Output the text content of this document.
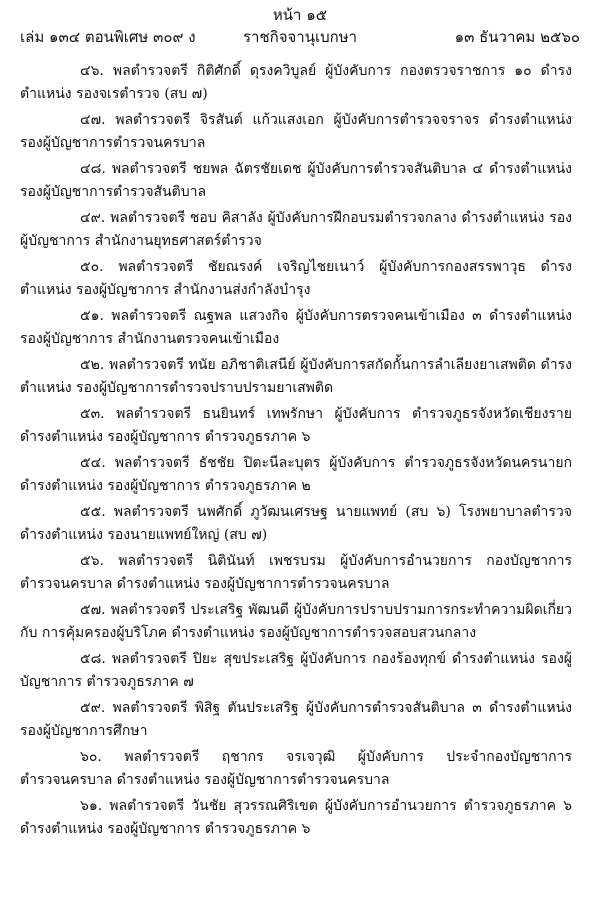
หน้า ๑๕
เล่ม ๑๓๔ ตอนพิเศษ ๓๐๙ ง	ราชกิจจานุเบกษา	๑๓ ธันวาคม ๒๕๖๐

๔๖. พลตำรวจตรี กิติศักดิ์ ดุรงควิบูลย์ ผู้บังคับการ กองตรวจราชการ ๑๐ ดำรงตำแหน่ง รองจเรตำรวจ (สบ ๗)

๔๗. พลตำรวจตรี จิรสันต์ แก้วแสงเอก ผู้บังคับการตำรวจจราจร ดำรงตำแหน่ง รองผู้บัญชาการตำรวจนครบาล

๔๘. พลตำรวจตรี ชยพล ฉัตรชัยเดช ผู้บังคับการตำรวจสันติบาล ๔ ดำรงตำแหน่ง รองผู้บัญชาการตำรวจสันติบาล

๔๙. พลตำรวจตรี ชอบ คิสาลัง ผู้บังคับการฝึกอบรมตำรวจกลาง ดำรงตำแหน่ง รองผู้บัญชาการ สำนักงานยุทธศาสตร์ตำรวจ

๕๐. พลตำรวจตรี ชัยณรงค์ เจริญไชยเนาว์ ผู้บังคับการกองสรรพาวุธ ดำรงตำแหน่ง รองผู้บัญชาการ สำนักงานส่งกำลังบำรุง

๕๑. พลตำรวจตรี ณฐพล แสวงกิจ ผู้บังคับการตรวจคนเข้าเมือง ๓ ดำรงตำแหน่ง รองผู้บัญชาการ สำนักงานตรวจคนเข้าเมือง

๕๒. พลตำรวจตรี ทนัย อภิชาติเสนีย์ ผู้บังคับการสกัดกั้นการลำเลียงยาเสพติด ดำรงตำแหน่ง รองผู้บัญชาการตำรวจปราบปรามยาเสพติด

๕๓. พลตำรวจตรี ธนยินทร์ เทพรักษา ผู้บังคับการ ตำรวจภูธรจังหวัดเชียงราย ดำรงตำแหน่ง รองผู้บัญชาการ ตำรวจภูธรภาค ๖

๕๔. พลตำรวจตรี ธัชชัย ปิตะนีละบุตร ผู้บังคับการ ตำรวจภูธรจังหวัดนครนายก ดำรงตำแหน่ง รองผู้บัญชาการ ตำรวจภูธรภาค ๒

๕๕. พลตำรวจตรี นพศักดิ์ ภูวัฒนเศรษฐ นายแพทย์ (สบ ๖) โรงพยาบาลตำรวจ ดำรงตำแหน่ง รองนายแพทย์ใหญ่ (สบ ๗)

๕๖. พลตำรวจตรี นิตินันท์ เพชรบรม ผู้บังคับการอำนวยการ กองบัญชาการตำรวจนครบาล ดำรงตำแหน่ง รองผู้บัญชาการตำรวจนครบาล

๕๗. พลตำรวจตรี ประเสริฐ พัฒนดี ผู้บังคับการปราบปรามการกระทำความผิดเกี่ยวกับ การคุ้มครองผู้บริโภค ดำรงตำแหน่ง รองผู้บัญชาการตำรวจสอบสวนกลาง

๕๘. พลตำรวจตรี ปิยะ สุขประเสริฐ ผู้บังคับการ กองร้องทุกข์ ดำรงตำแหน่ง รองผู้บัญชาการ ตำรวจภูธรภาค ๗

๕๙. พลตำรวจตรี พิสิฐ ตันประเสริฐ ผู้บังคับการตำรวจสันติบาล ๓ ดำรงตำแหน่ง รองผู้บัญชาการศึกษา

๖๐. พลตำรวจตรี ฤชากร จรเจวุฒิ ผู้บังคับการ ประจำกองบัญชาการตำรวจนครบาล ดำรงตำแหน่ง รองผู้บัญชาการตำรวจนครบาล

๖๑. พลตำรวจตรี วันชัย สุวรรณศิริเขต ผู้บังคับการอำนวยการ ตำรวจภูธรภาค ๖ ดำรงตำแหน่ง รองผู้บัญชาการ ตำรวจภูธรภาค ๖
